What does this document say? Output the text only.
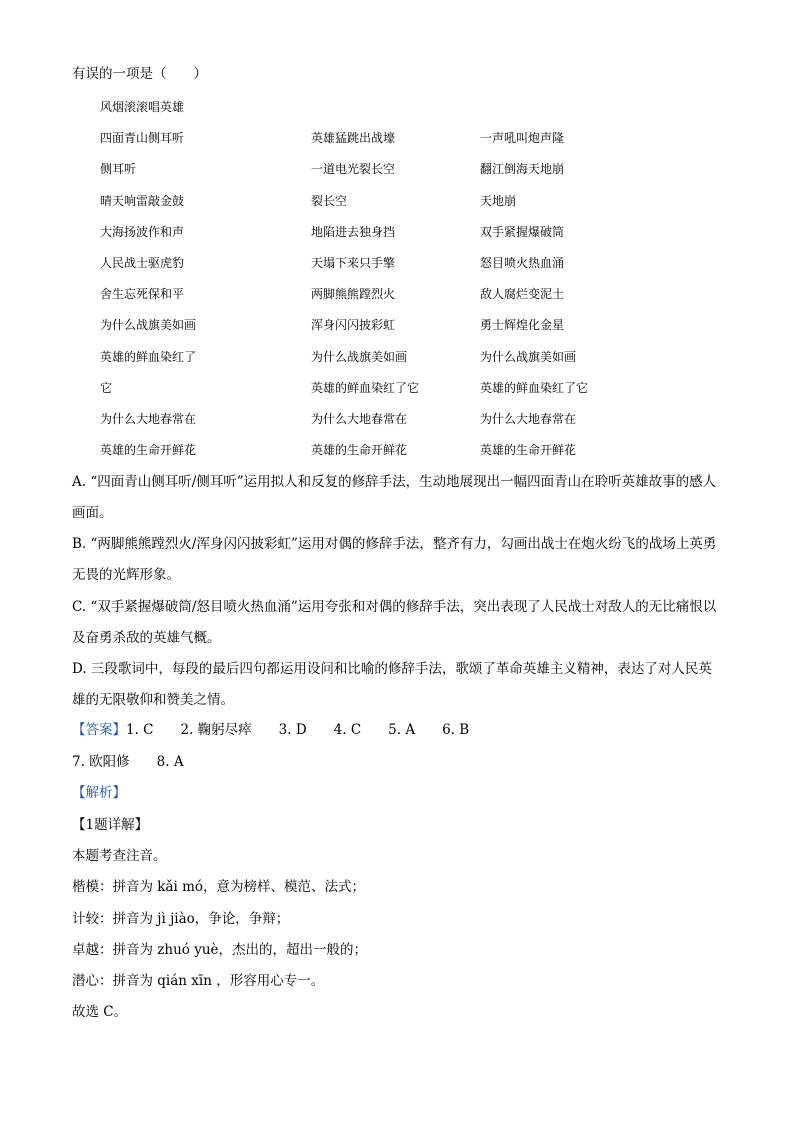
有误的一项是（　　）
风烟滚滚唱英雄
四面青山侧耳听	英雄猛跳出战壕	一声吼叫炮声隆
侧耳听	一道电光裂长空	翻江倒海天地崩
晴天响雷敲金鼓	裂长空	天地崩
大海扬波作和声	地陷进去独身挡	双手紧握爆破筒
人民战士驱虎豹	天塌下来只手擎	怒目喷火热血涌
舍生忘死保和平	两脚熊熊蹚烈火	敌人腐烂变泥土
为什么战旗美如画	浑身闪闪披彩虹	勇士辉煌化金星
英雄的鲜血染红了	为什么战旗美如画	为什么战旗美如画
它	英雄的鲜血染红了它	英雄的鲜血染红了它
为什么大地春常在	为什么大地春常在	为什么大地春常在
英雄的生命开鲜花	英雄的生命开鲜花	英雄的生命开鲜花
A. “四面青山侧耳听/侧耳听”运用拟人和反复的修辞手法，生动地展现出一幅四面青山在聆听英雄故事的感人画面。
B. “两脚熊熊蹚烈火/浑身闪闪披彩虹”运用对偶的修辞手法，整齐有力，勾画出战士在炮火纷飞的战场上英勇无畏的光辉形象。
C. “双手紧握爆破筒/怒目喷火热血涌”运用夸张和对偶的修辞手法，突出表现了人民战士对敌人的无比痛恨以及奋勇杀敌的英雄气概。
D. 三段歌词中，每段的最后四句都运用设问和比喻的修辞手法，歌颂了革命英雄主义精神，表达了对人民英雄的无限敬仰和赞美之情。
【答案】1. C　　2. 鞠躬尽瘁　　3. D　　4. C　　5. A　　6. B
7. 欧阳修　　8. A
【解析】
【1题详解】
本题考查注音。
楷模：拼音为 kǎi mó，意为榜样、模范、法式；
计较：拼音为 jì jiào，争论，争辩；
卓越：拼音为 zhuó yuè，杰出的，超出一般的；
潜心：拼音为 qián xīn ，形容用心专一。
故选 C。
